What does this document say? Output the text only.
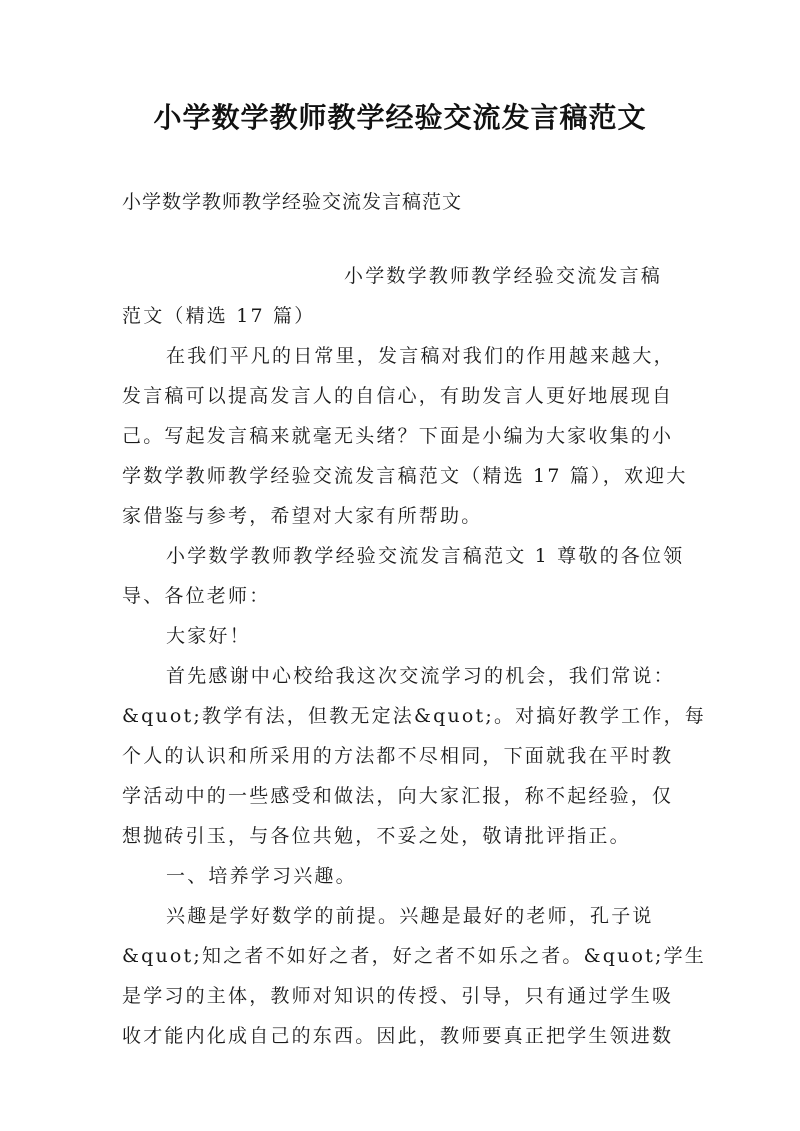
小学数学教师教学经验交流发言稿范文

小学数学教师教学经验交流发言稿范文

小学数学教师教学经验交流发言稿
范文（精选 17 篇）
在我们平凡的日常里，发言稿对我们的作用越来越大，
发言稿可以提高发言人的自信心，有助发言人更好地展现自
己。写起发言稿来就毫无头绪？下面是小编为大家收集的小
学数学教师教学经验交流发言稿范文（精选 17 篇），欢迎大
家借鉴与参考，希望对大家有所帮助。
小学数学教师教学经验交流发言稿范文 1 尊敬的各位领
导、各位老师：
大家好！
首先感谢中心校给我这次交流学习的机会，我们常说：
&quot;教学有法，但教无定法&quot;。对搞好教学工作，每
个人的认识和所采用的方法都不尽相同，下面就我在平时教
学活动中的一些感受和做法，向大家汇报，称不起经验，仅
想抛砖引玉，与各位共勉，不妥之处，敬请批评指正。
一、培养学习兴趣。
兴趣是学好数学的前提。兴趣是最好的老师，孔子说
&quot;知之者不如好之者，好之者不如乐之者。&quot;学生
是学习的主体，教师对知识的传授、引导，只有通过学生吸
收才能内化成自己的东西。因此，教师要真正把学生领进数
